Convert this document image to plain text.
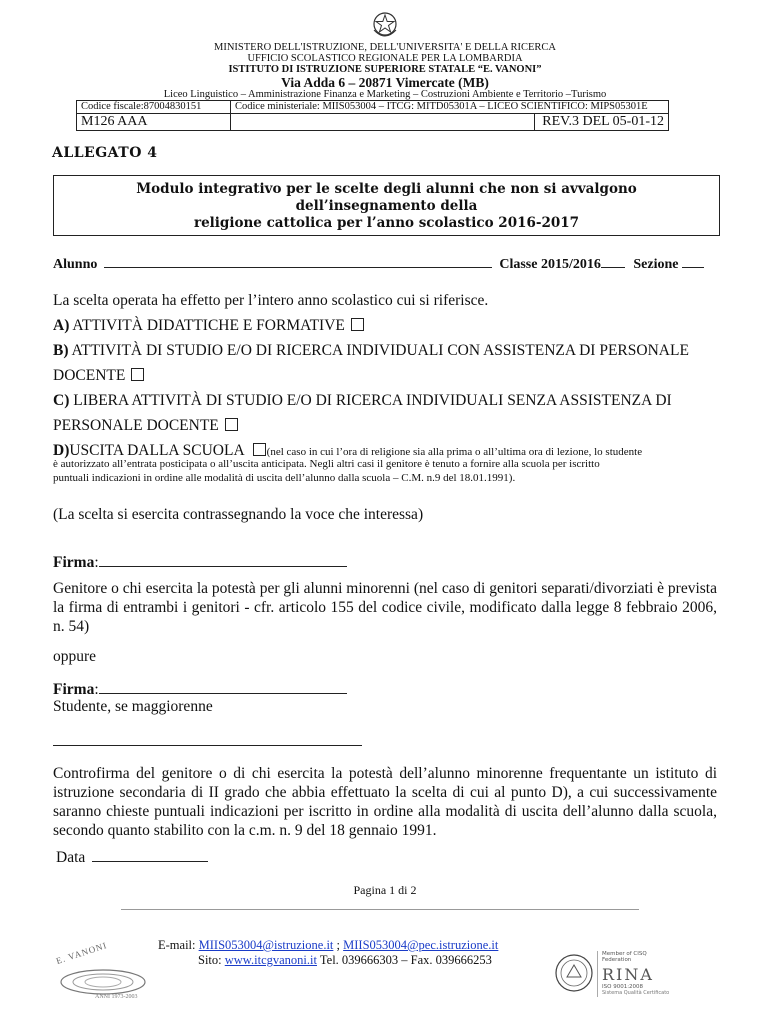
MINISTERO DELL'ISTRUZIONE, DELL'UNIVERSITA' E DELLA RICERCA
UFFICIO SCOLASTICO REGIONALE PER LA LOMBARDIA
ISTITUTO DI ISTRUZIONE SUPERIORE STATALE “E. VANONI”
Via Adda 6 – 20871 Vimercate (MB)
Liceo Linguistico – Amministrazione Finanza e Marketing – Costruzioni Ambiente e Territorio –Turismo
Codice fiscale:87004830151	Codice ministeriale: MIIS053004 – ITCG: MITD05301A – LICEO SCIENTIFICO: MIPS05301E	
M126 AAA		REV.3 DEL 05-01-12
ALLEGATO 4
Modulo integrativo per le scelte degli alunni che non si avvalgono
dell’insegnamento della
religione cattolica per l’anno scolastico 2016-2017
Alunno	Classe 2015/2016 Sezione
La scelta operata ha effetto per l’intero anno scolastico cui si riferisce.
A) ATTIVITÀ DIDATTICHE E FORMATIVE
B) ATTIVITÀ DI STUDIO E/O DI RICERCA INDIVIDUALI CON ASSISTENZA DI PERSONALE
DOCENTE
C) LIBERA ATTIVITÀ DI STUDIO E/O DI RICERCA INDIVIDUALI SENZA ASSISTENZA DI
PERSONALE DOCENTE
D)USCITA DALLA SCUOLA (nel caso in cui l’ora di religione sia alla prima o all’ultima ora di lezione, lo studente
è autorizzato all’entrata posticipata o all’uscita anticipata. Negli altri casi il genitore è tenuto a fornire alla scuola per iscritto
puntuali indicazioni in ordine alle modalità di uscita dell’alunno dalla scuola – C.M. n.9 del 18.01.1991).
(La scelta si esercita contrassegnando la voce che interessa)
Firma:
Genitore o chi esercita la potestà per gli alunni minorenni (nel caso di genitori separati/divorziati è prevista la firma di entrambi i genitori - cfr. articolo 155 del codice civile, modificato dalla legge 8 febbraio 2006, n. 54)
oppure
Firma:
Studente, se maggiorenne
Controfirma del genitore o di chi esercita la potestà dell’alunno minorenne frequentante un istituto di istruzione secondaria di II grado che abbia effettuato la scelta di cui al punto D), a cui successivamente saranno chieste puntuali indicazioni per iscritto in ordine alla modalità di uscita dell’alunno dalla scuola, secondo quanto stabilito con la c.m. n. 9 del 18 gennaio 1991.
Data
Pagina 1 di 2
E. VANONI
ANNI 1973-2003
E-mail: MIIS053004@istruzione.it ; MIIS053004@pec.istruzione.it
Sito: www.itcgvanoni.it Tel. 039666303 – Fax. 039666253	Member of CISQ Federation
RINA
ISO 9001:2008
Sistema Qualità Certificato
